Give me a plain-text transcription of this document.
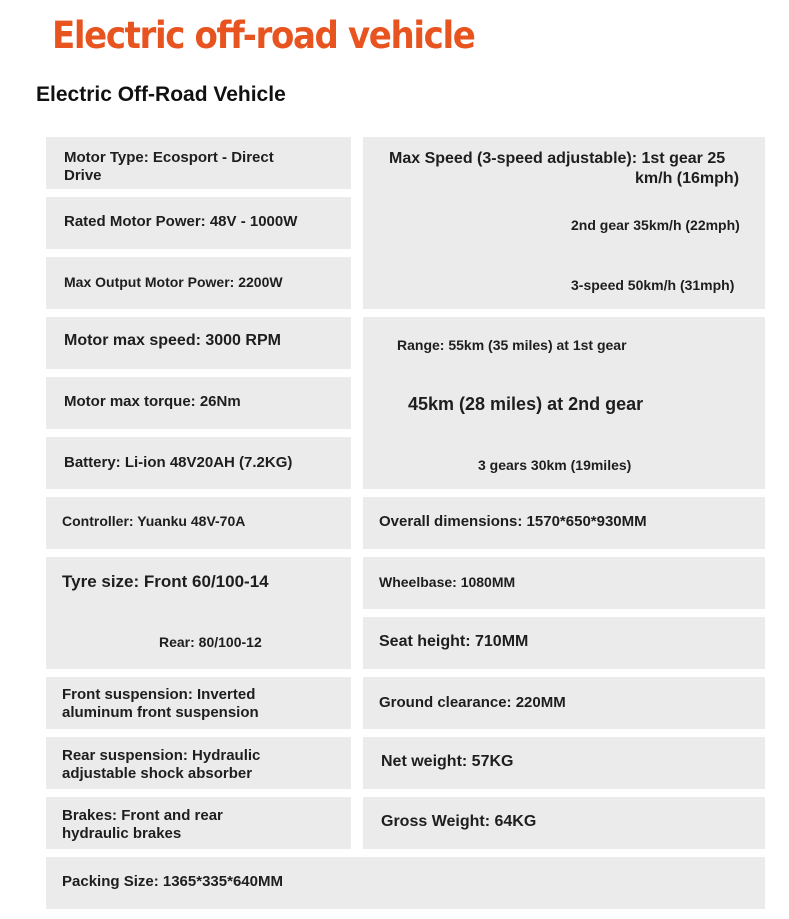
Electric off-road vehicle
Electric Off-Road Vehicle
Motor Type: Ecosport - Direct Drive
Rated Motor Power: 48V - 1000W
Max Output Motor Power: 2200W
Motor max speed: 3000 RPM
Motor max torque: 26Nm
Battery: Li-ion 48V20AH (7.2KG)
Controller: Yuanku 48V-70A
Tyre size: Front 60/100-14
Rear: 80/100-12
Front suspension: Inverted aluminum front suspension
Rear suspension: Hydraulic adjustable shock absorber
Brakes: Front and rear hydraulic brakes
Packing Size: 1365*335*640MM
Max Speed (3-speed adjustable): 1st gear 25
km/h (16mph)
2nd gear 35km/h (22mph)
3-speed 50km/h (31mph)
Range: 55km (35 miles) at 1st gear
45km (28 miles) at 2nd gear
3 gears 30km (19miles)
Overall dimensions: 1570*650*930MM
Wheelbase: 1080MM
Seat height: 710MM
Ground clearance: 220MM
Net weight: 57KG
Gross Weight: 64KG
